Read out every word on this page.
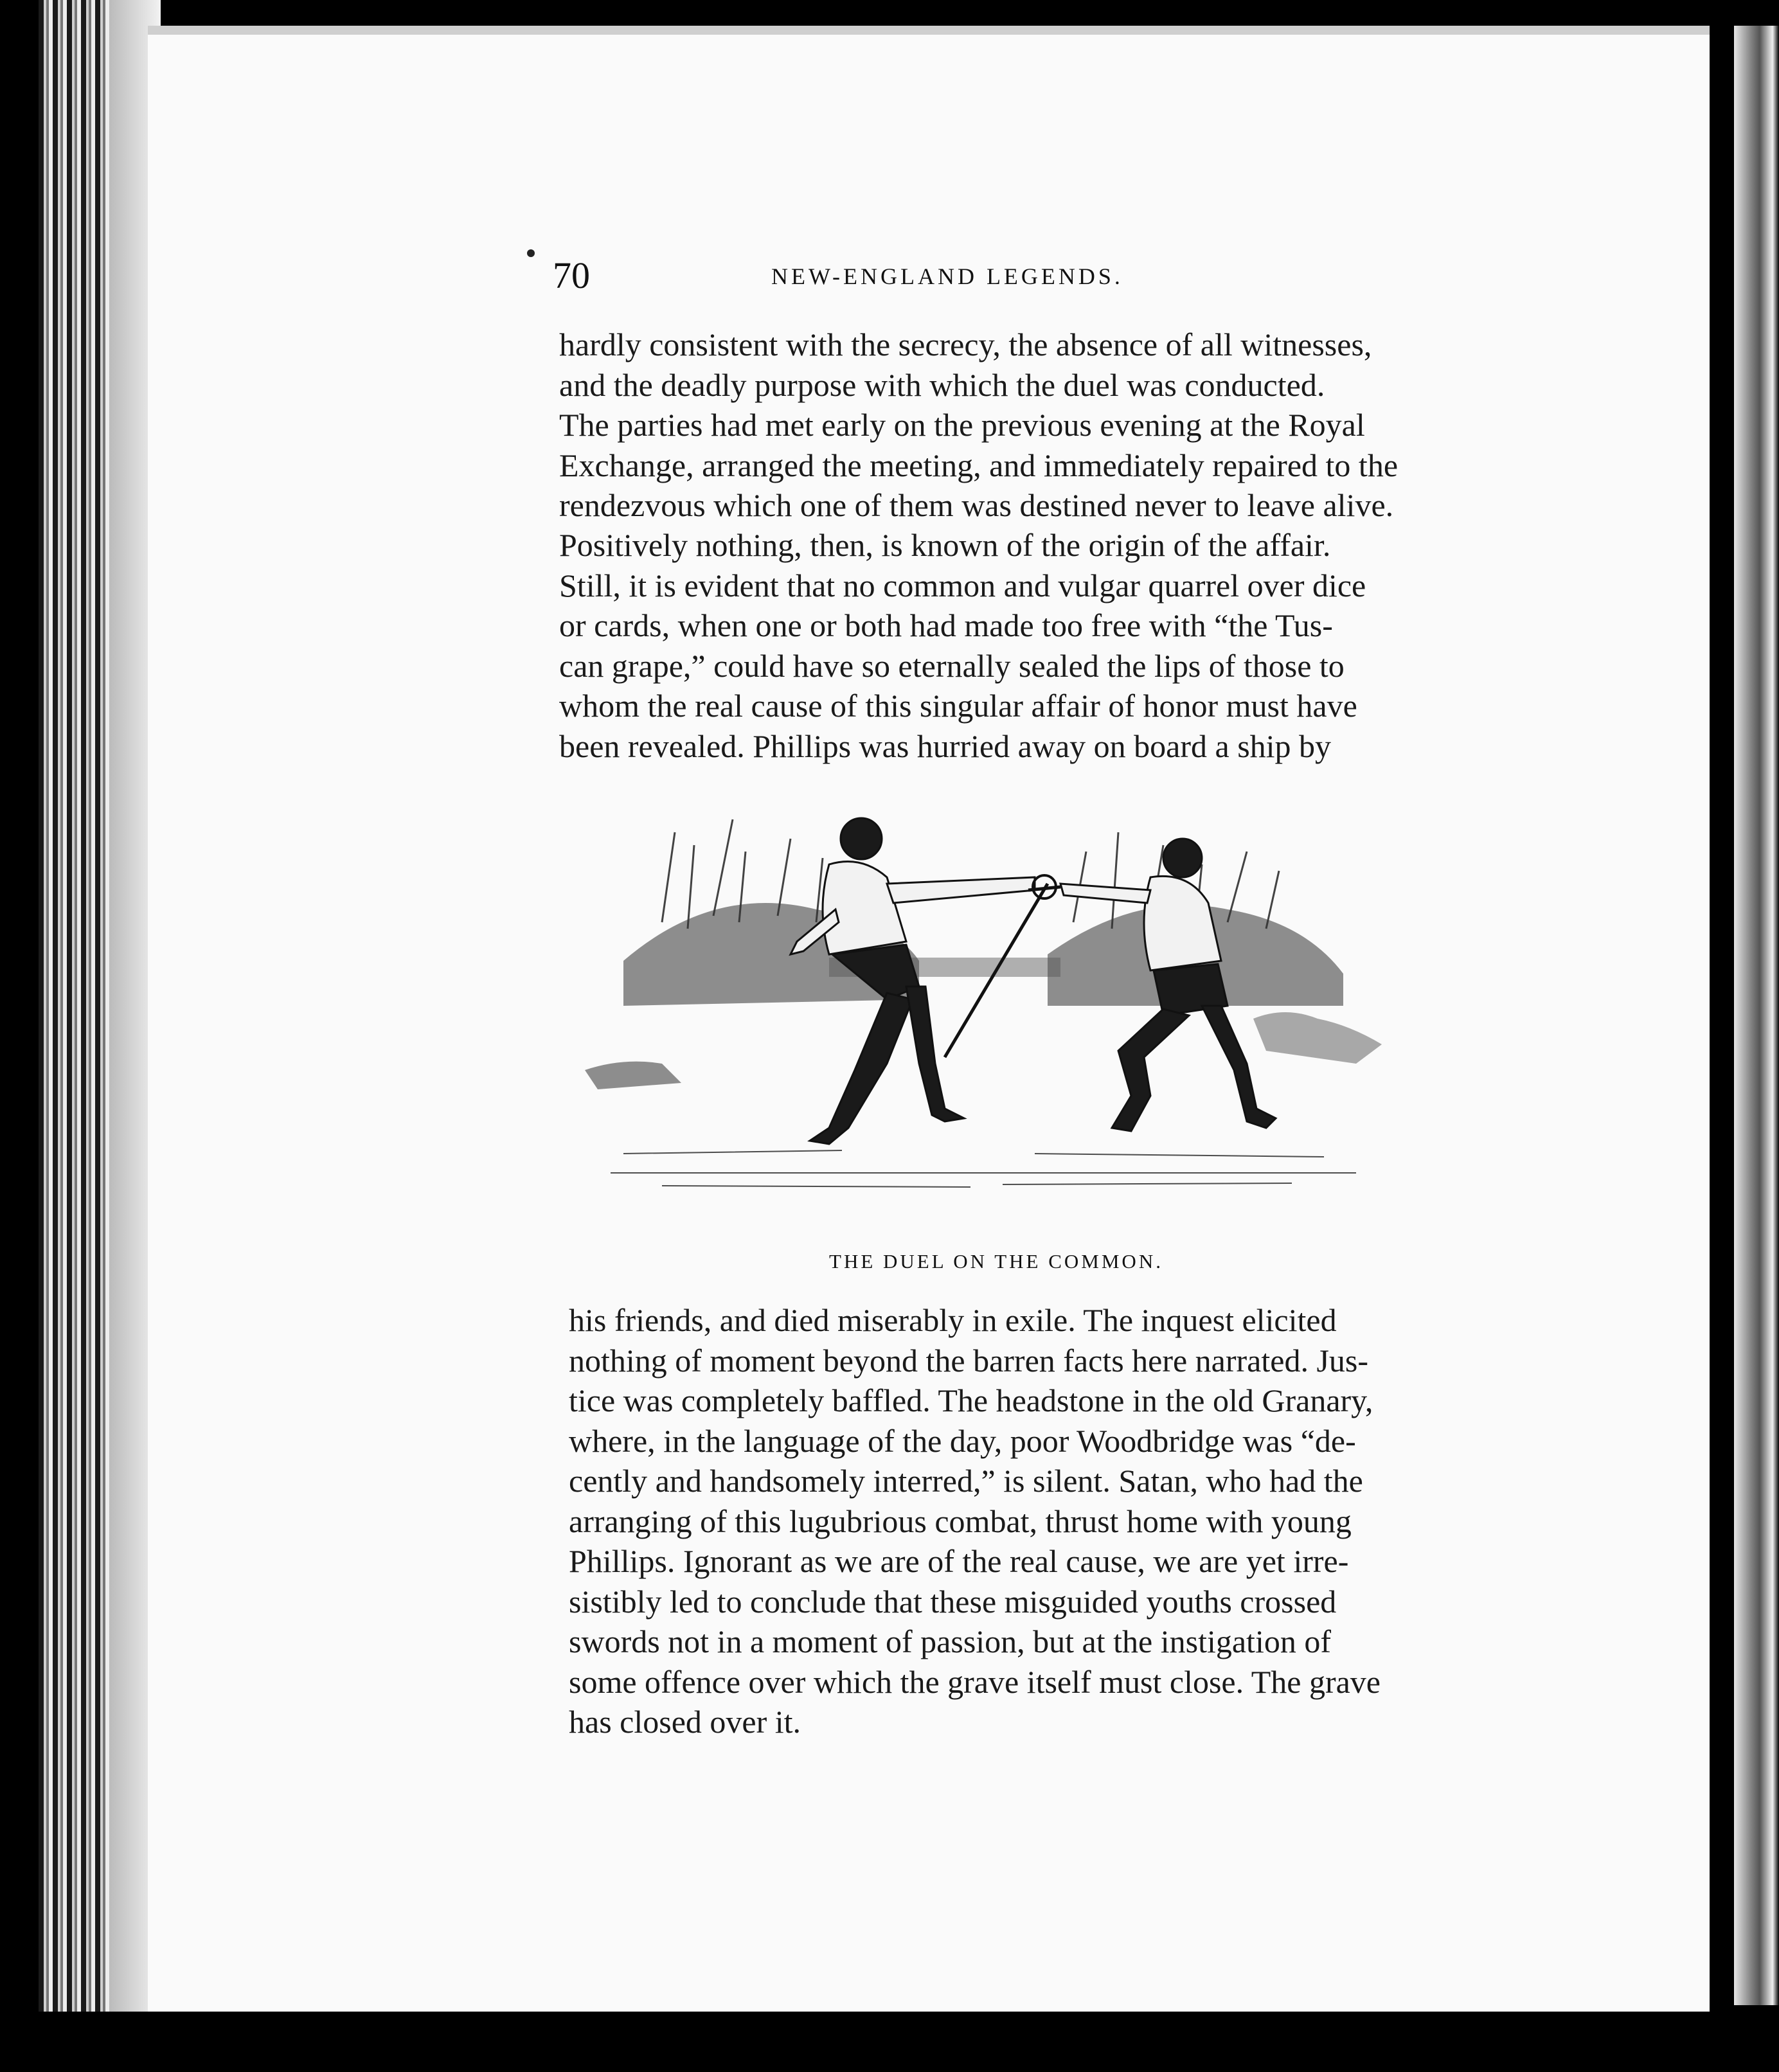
70	NEW-ENGLAND LEGENDS.
hardly consistent with the secrecy, the absence of all witnesses,
and the deadly purpose with which the duel was conducted.
The parties had met early on the previous evening at the Royal
Exchange, arranged the meeting, and immediately repaired to the
rendezvous which one of them was destined never to leave alive.
Positively nothing, then, is known of the origin of the affair.
Still, it is evident that no common and vulgar quarrel over dice
or cards, when one or both had made too free with “the Tus-
can grape,” could have so eternally sealed the lips of those to
whom the real cause of this singular affair of honor must have
been revealed. Phillips was hurried away on board a ship by
THE DUEL ON THE COMMON.
his friends, and died miserably in exile. The inquest elicited
nothing of moment beyond the barren facts here narrated. Jus-
tice was completely baffled. The headstone in the old Granary,
where, in the language of the day, poor Woodbridge was “de-
cently and handsomely interred,” is silent. Satan, who had the
arranging of this lugubrious combat, thrust home with young
Phillips. Ignorant as we are of the real cause, we are yet irre-
sistibly led to conclude that these misguided youths crossed
swords not in a moment of passion, but at the instigation of
some offence over which the grave itself must close. The grave
has closed over it.
